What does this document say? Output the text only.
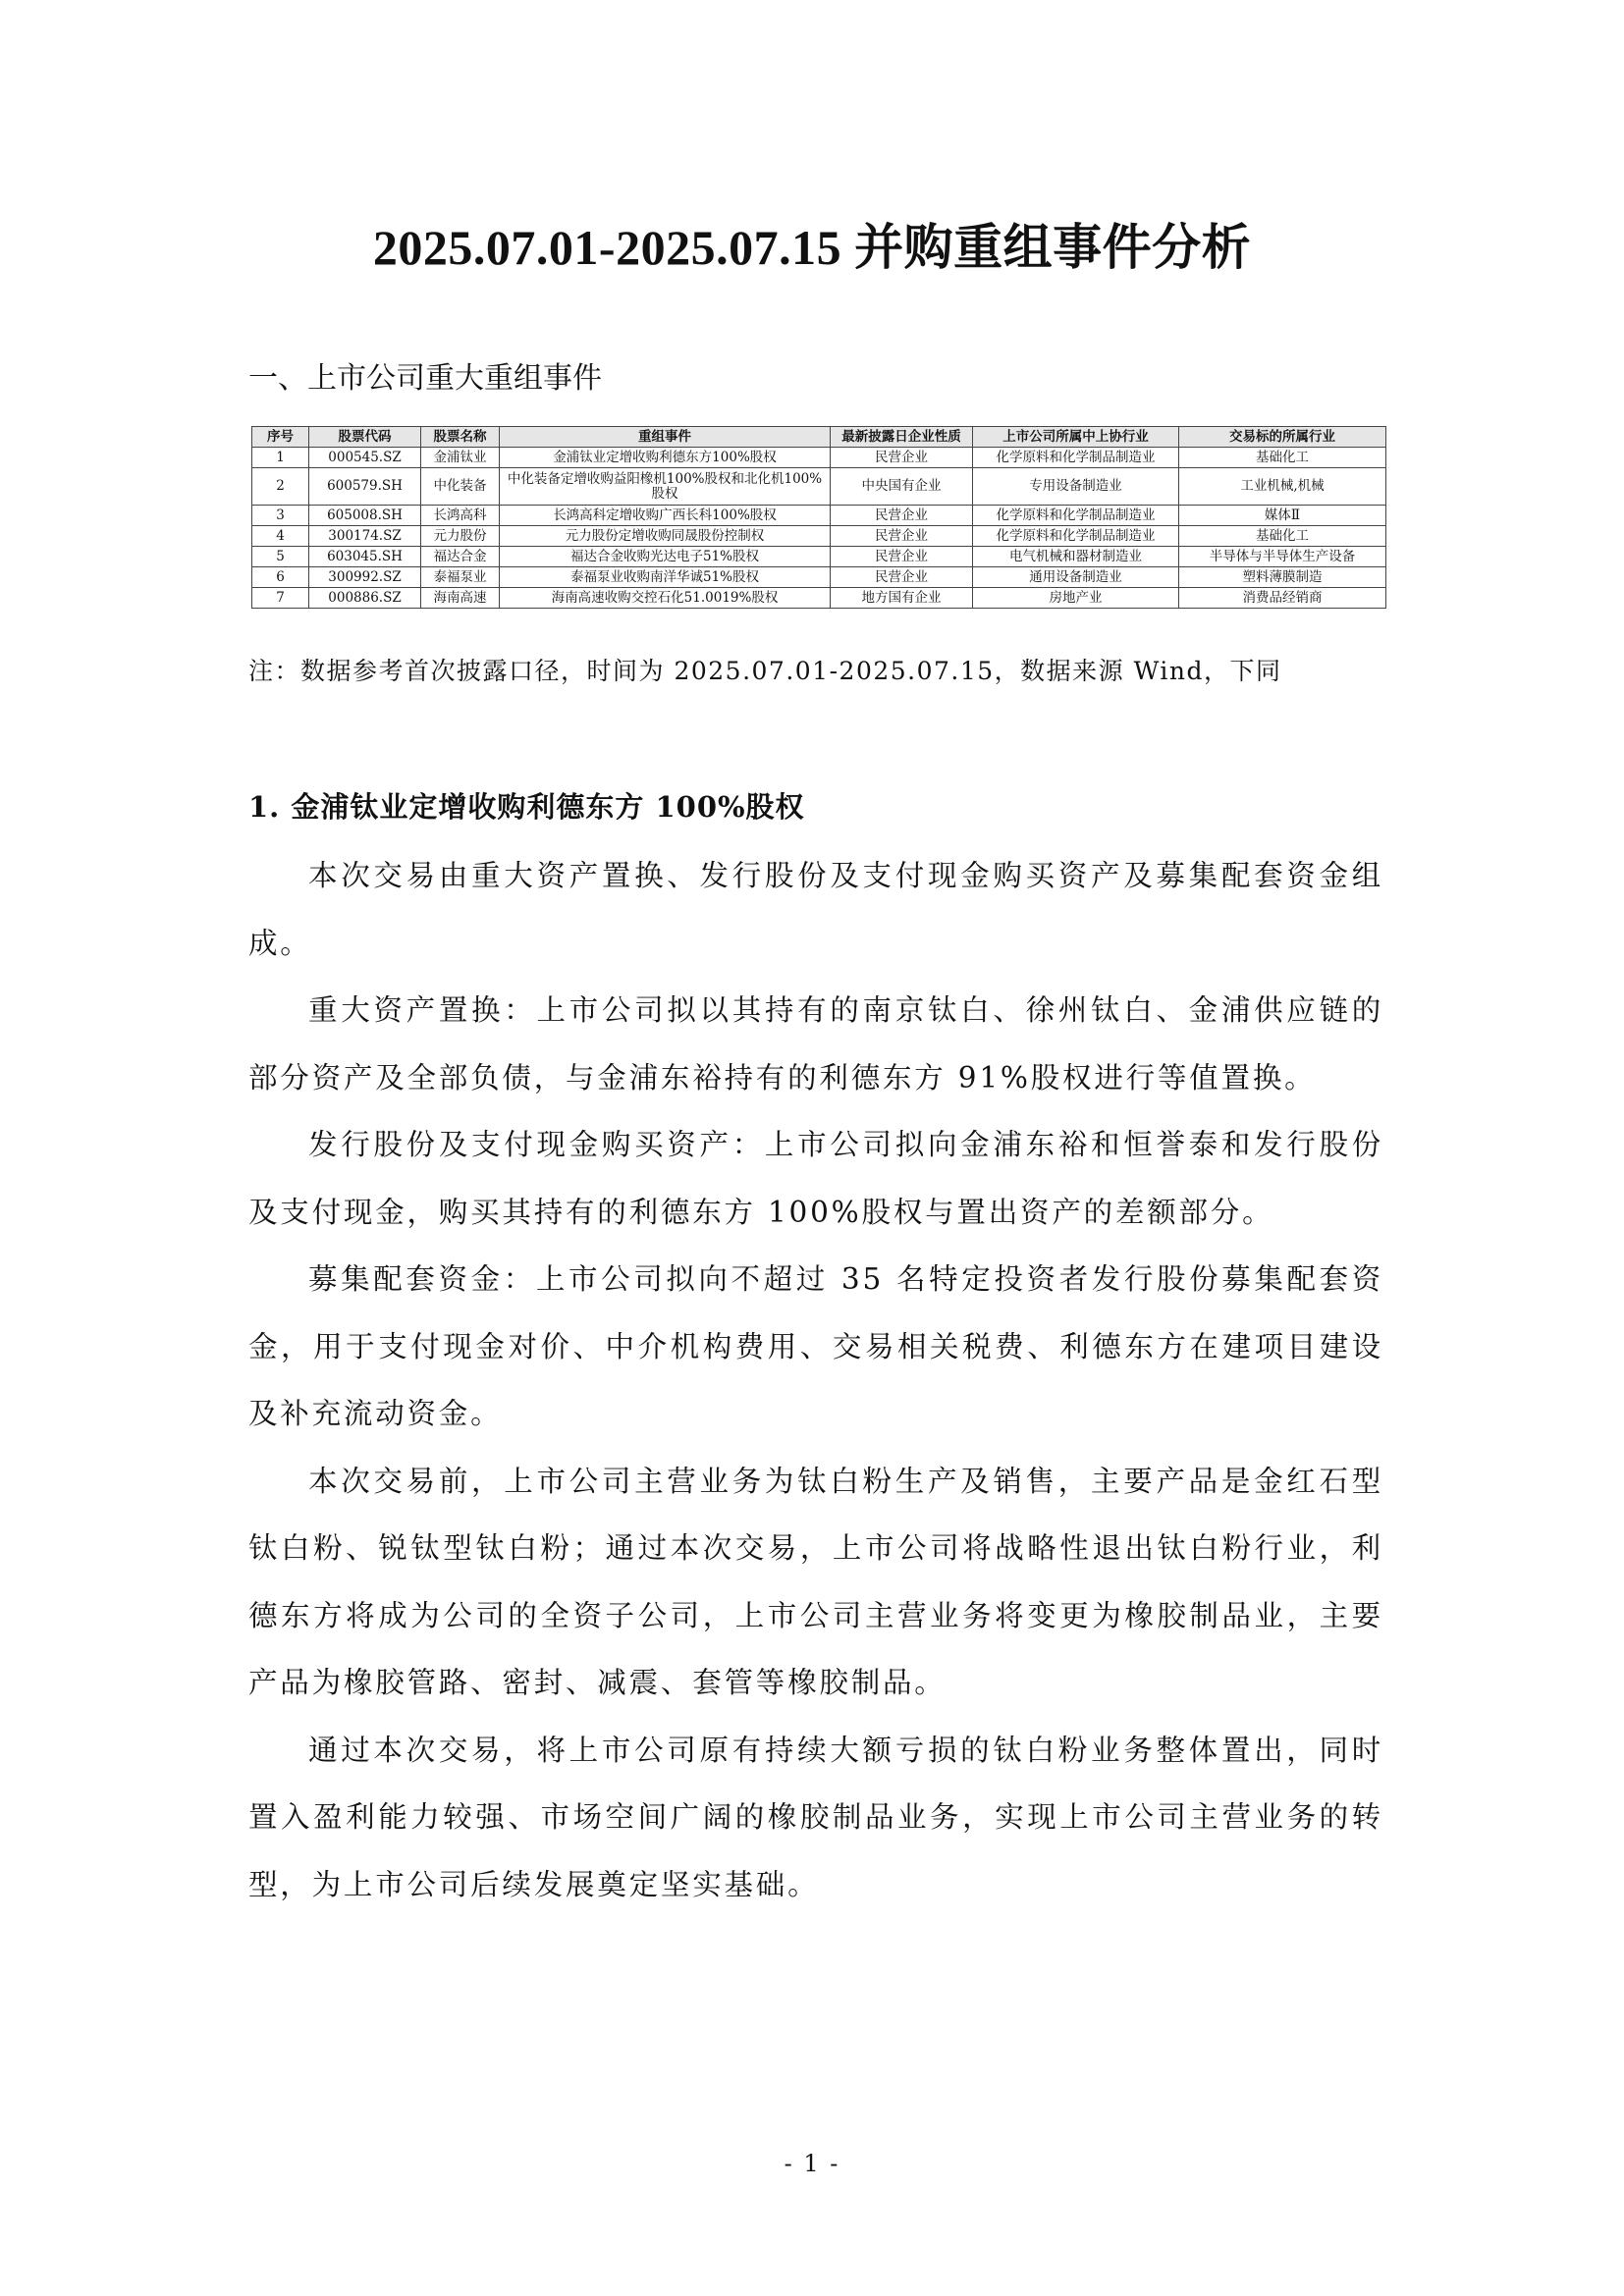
2025.07.01-2025.07.15 并购重组事件分析
一、上市公司重大重组事件
序号	股票代码	股票名称	重组事件	最新披露日企业性质	上市公司所属中上协行业	交易标的所属行业
1	000545.SZ	金浦钛业	金浦钛业定增收购利德东方100%股权	民营企业	化学原料和化学制品制造业	基础化工
2	600579.SH	中化装备	中化装备定增收购益阳橡机100%股权和北化机100%股权	中央国有企业	专用设备制造业	工业机械,机械
3	605008.SH	长鸿高科	长鸿高科定增收购广西长科100%股权	民营企业	化学原料和化学制品制造业	媒体Ⅱ
4	300174.SZ	元力股份	元力股份定增收购同晟股份控制权	民营企业	化学原料和化学制品制造业	基础化工
5	603045.SH	福达合金	福达合金收购光达电子51%股权	民营企业	电气机械和器材制造业	半导体与半导体生产设备
6	300992.SZ	泰福泵业	泰福泵业收购南洋华诚51%股权	民营企业	通用设备制造业	塑料薄膜制造
7	000886.SZ	海南高速	海南高速收购交控石化51.0019%股权	地方国有企业	房地产业	消费品经销商

注：数据参考首次披露口径，时间为 2025.07.01-2025.07.15，数据来源 Wind，下同

1. 金浦钛业定增收购利德东方 100%股权

本次交易由重大资产置换、发行股份及支付现金购买资产及募集配套资金组成。

重大资产置换：上市公司拟以其持有的南京钛白、徐州钛白、金浦供应链的部分资产及全部负债，与金浦东裕持有的利德东方 91%股权进行等值置换。

发行股份及支付现金购买资产：上市公司拟向金浦东裕和恒誉泰和发行股份及支付现金，购买其持有的利德东方 100%股权与置出资产的差额部分。

募集配套资金：上市公司拟向不超过 35 名特定投资者发行股份募集配套资金，用于支付现金对价、中介机构费用、交易相关税费、利德东方在建项目建设及补充流动资金。

本次交易前，上市公司主营业务为钛白粉生产及销售，主要产品是金红石型钛白粉、锐钛型钛白粉；通过本次交易，上市公司将战略性退出钛白粉行业，利德东方将成为公司的全资子公司，上市公司主营业务将变更为橡胶制品业，主要产品为橡胶管路、密封、减震、套管等橡胶制品。

通过本次交易，将上市公司原有持续大额亏损的钛白粉业务整体置出，同时置入盈利能力较强、市场空间广阔的橡胶制品业务，实现上市公司主营业务的转型，为上市公司后续发展奠定坚实基础。

- 1 -
